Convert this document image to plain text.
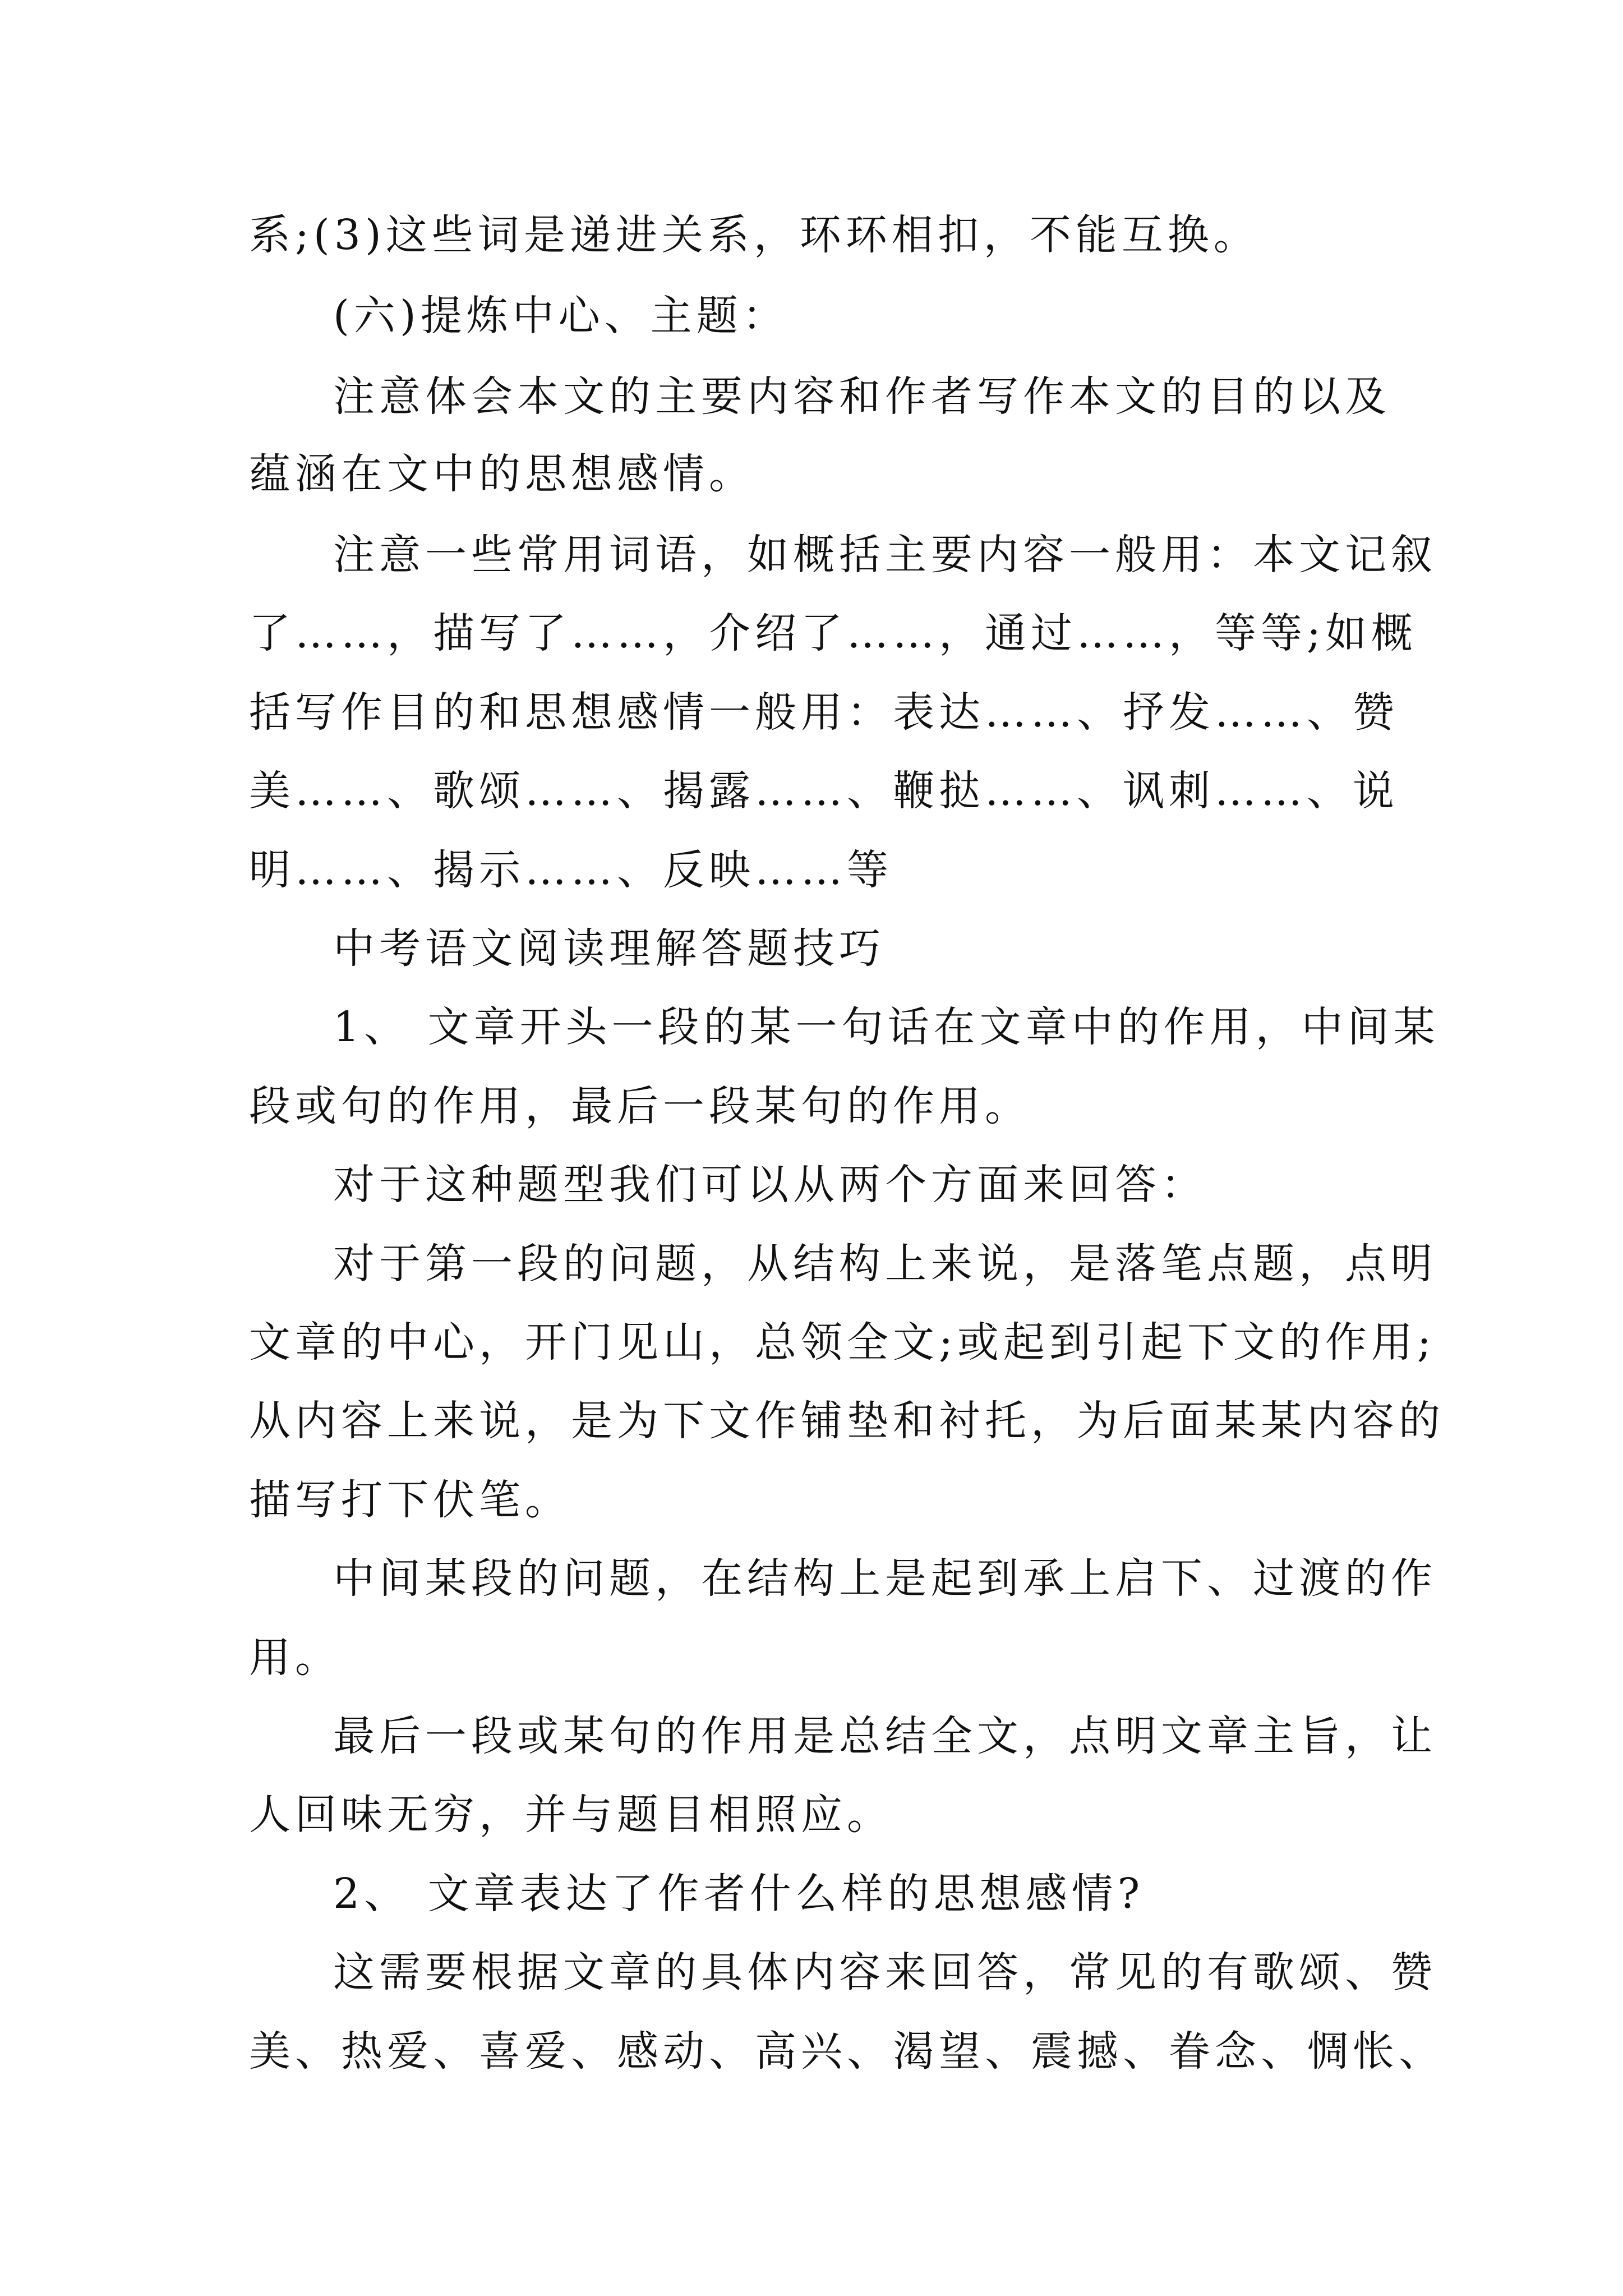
系;(3)这些词是递进关系，环环相扣，不能互换。
(六)提炼中心、主题：
注意体会本文的主要内容和作者写作本文的目的以及
蕴涵在文中的思想感情。
注意一些常用词语，如概括主要内容一般用：本文记叙
了……，描写了……，介绍了……，通过……，等等;如概
括写作目的和思想感情一般用：表达……、抒发……、赞
美……、歌颂……、揭露……、鞭挞……、讽刺……、说
明……、揭示……、反映……等
中考语文阅读理解答题技巧
1、 文章开头一段的某一句话在文章中的作用，中间某
段或句的作用，最后一段某句的作用。
对于这种题型我们可以从两个方面来回答：
对于第一段的问题，从结构上来说，是落笔点题，点明
文章的中心，开门见山，总领全文;或起到引起下文的作用;
从内容上来说，是为下文作铺垫和衬托，为后面某某内容的
描写打下伏笔。
中间某段的问题，在结构上是起到承上启下、过渡的作
用。
最后一段或某句的作用是总结全文，点明文章主旨，让
人回味无穷，并与题目相照应。
2、 文章表达了作者什么样的思想感情?
这需要根据文章的具体内容来回答，常见的有歌颂、赞
美、热爱、喜爱、感动、高兴、渴望、震撼、眷念、惆怅、
